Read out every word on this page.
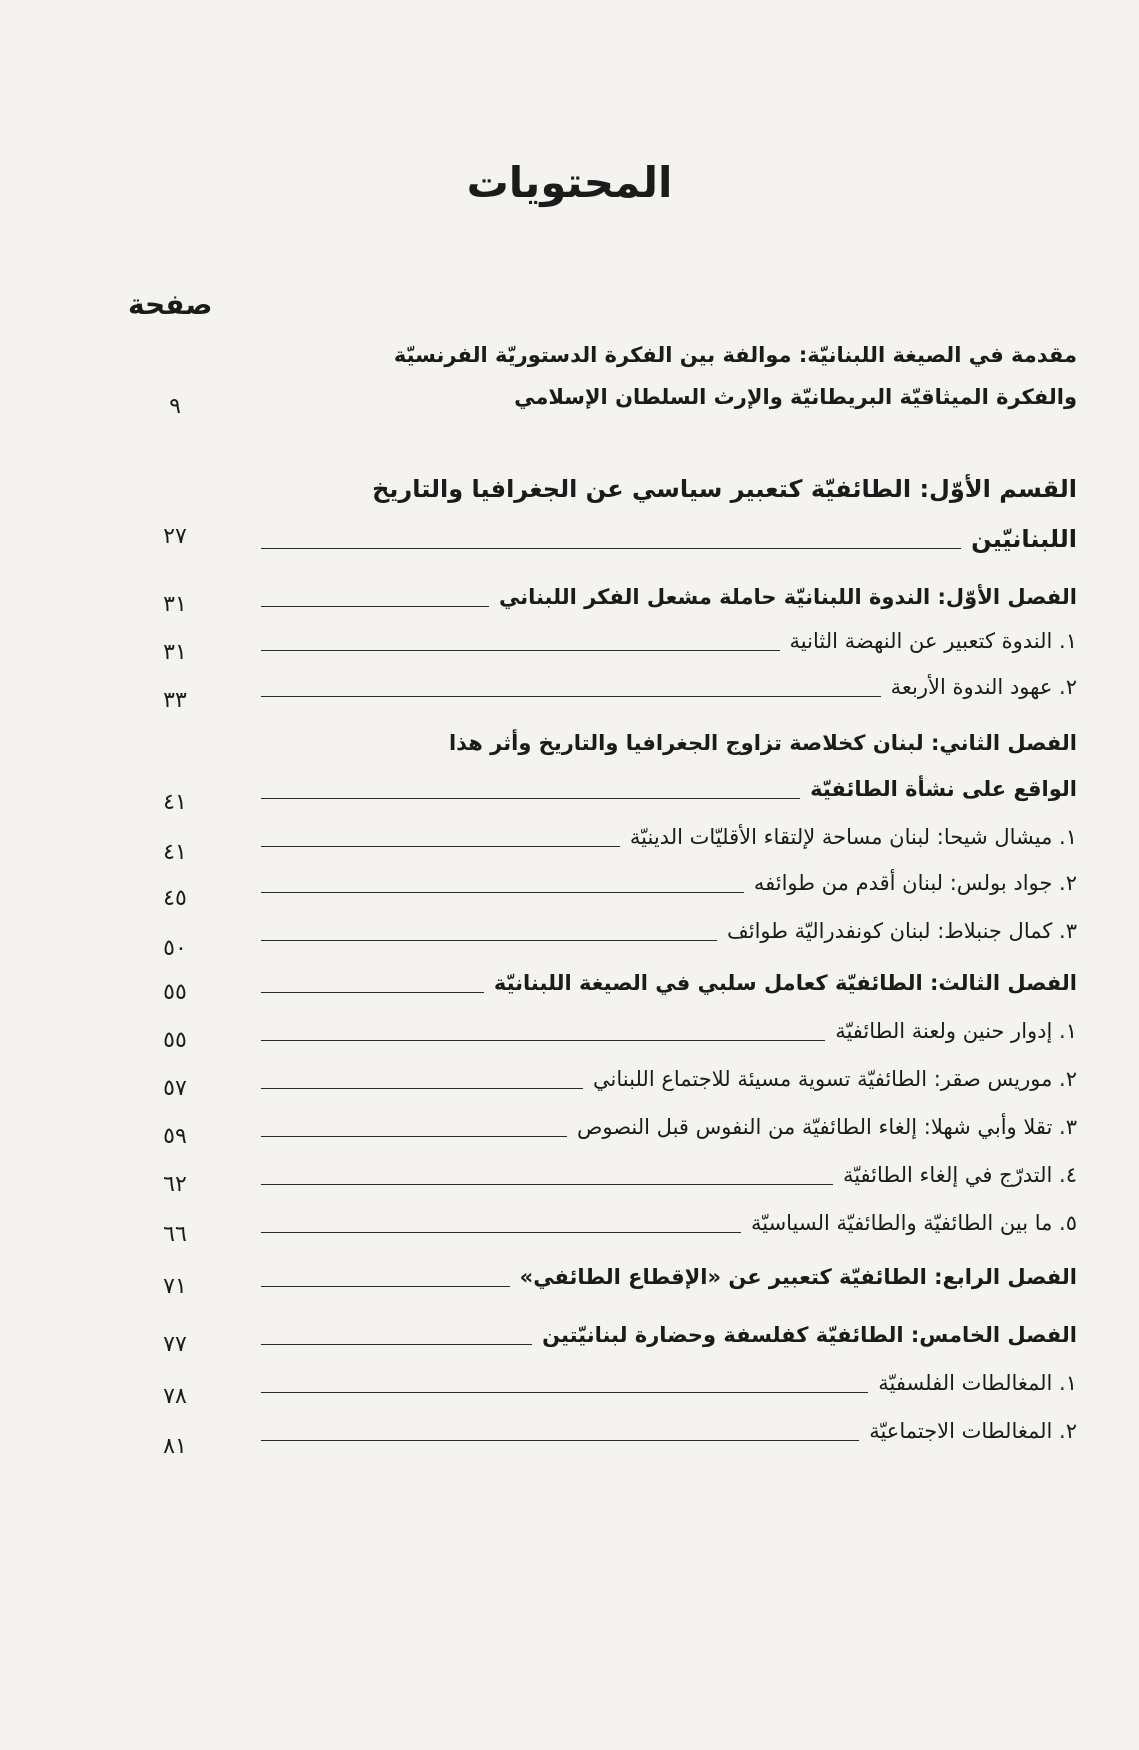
المحتويات
صفحة
مقدمة في الصيغة اللبنانيّة: موالفة بين الفكرة الدستوريّة الفرنسيّة
والفكرة الميثاقيّة البريطانيّة والإرث السلطان الإسلامي
٩
القسم الأوّل: الطائفيّة كتعبير سياسي عن الجغرافيا والتاريخ
اللبنانيّين
٢٧
الفصل الأوّل: الندوة اللبنانيّة حاملة مشعل الفكر اللبناني
٣١
١. الندوة كتعبير عن النهضة الثانية
٣١
٢. عهود الندوة الأربعة
٣٣
الفصل الثاني: لبنان كخلاصة تزاوج الجغرافيا والتاريخ وأثر هذا
الواقع على نشأة الطائفيّة
٤١
١. ميشال شيحا: لبنان مساحة لإلتقاء الأقليّات الدينيّة
٤١
٢. جواد بولس: لبنان أقدم من طوائفه
٤٥
٣. كمال جنبلاط: لبنان كونفدراليّة طوائف
٥٠
الفصل الثالث: الطائفيّة كعامل سلبي في الصيغة اللبنانيّة
٥٥
١. إدوار حنين ولعنة الطائفيّة
٥٥
٢. موريس صقر: الطائفيّة تسوية مسيئة للاجتماع اللبناني
٥٧
٣. تقلا وأبي شهلا: إلغاء الطائفيّة من النفوس قبل النصوص
٥٩
٤. التدرّج في إلغاء الطائفيّة
٦٢
٥. ما بين الطائفيّة والطائفيّة السياسيّة
٦٦
الفصل الرابع: الطائفيّة كتعبير عن «الإقطاع الطائفي»
٧١
الفصل الخامس: الطائفيّة كفلسفة وحضارة لبنانيّتين
٧٧
١. المغالطات الفلسفيّة
٧٨
٢. المغالطات الاجتماعيّة
٨١
